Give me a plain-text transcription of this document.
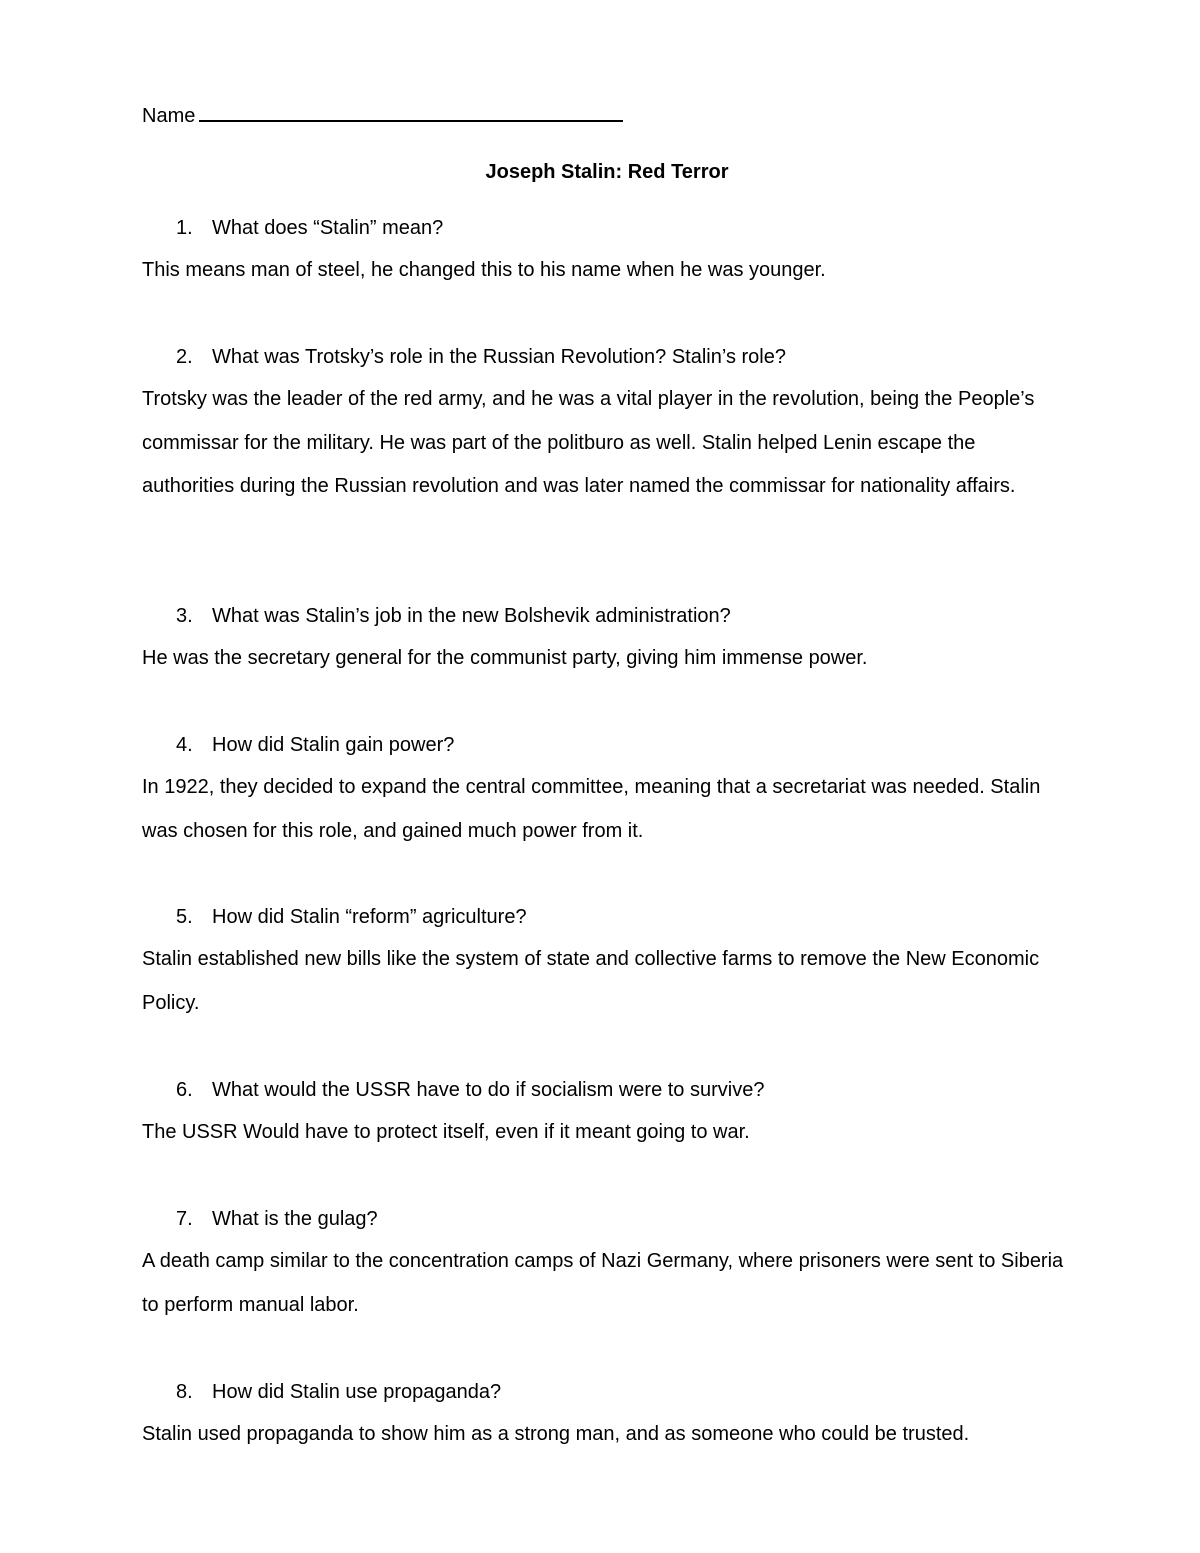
Name
Joseph Stalin: Red Terror
1. What does “Stalin” mean?
This means man of steel, he changed this to his name when he was younger.
2. What was Trotsky’s role in the Russian Revolution? Stalin’s role?
Trotsky was the leader of the red army, and he was a vital player in the revolution, being the People’s commissar for the military. He was part of the politburo as well. Stalin helped Lenin escape the authorities during the Russian revolution and was later named the commissar for nationality affairs.
3. What was Stalin’s job in the new Bolshevik administration?
He was the secretary general for the communist party, giving him immense power.
4. How did Stalin gain power?
In 1922, they decided to expand the central committee, meaning that a secretariat was needed. Stalin was chosen for this role, and gained much power from it.
5. How did Stalin “reform” agriculture?
Stalin established new bills like the system of state and collective farms to remove the New Economic Policy.
6. What would the USSR have to do if socialism were to survive?
The USSR Would have to protect itself, even if it meant going to war.
7. What is the gulag?
A death camp similar to the concentration camps of Nazi Germany, where prisoners were sent to Siberia to perform manual labor.
8. How did Stalin use propaganda?
Stalin used propaganda to show him as a strong man, and as someone who could be trusted.
